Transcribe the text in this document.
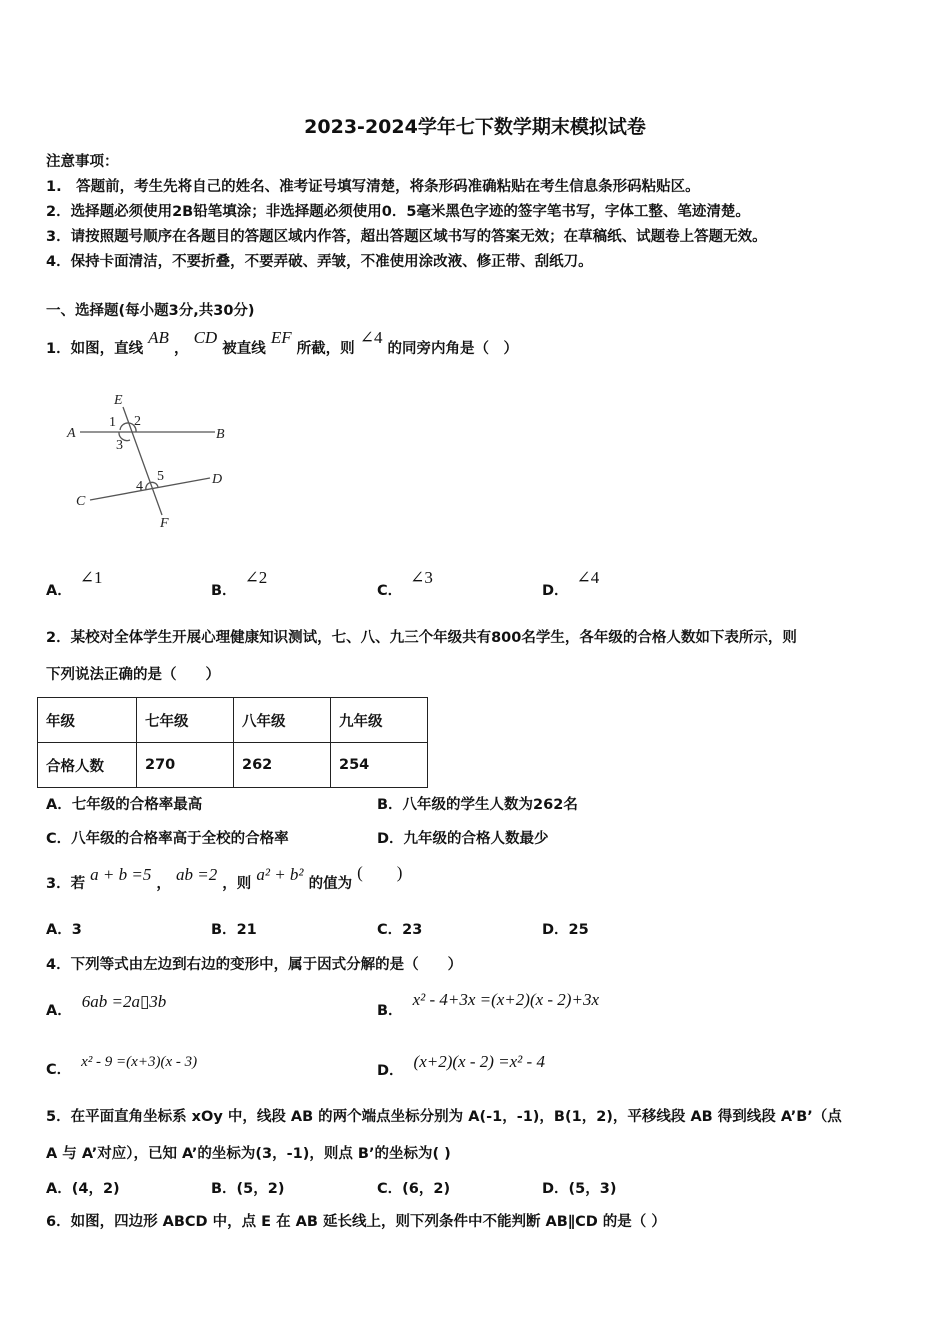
2023-2024学年七下数学期末模拟试卷
注意事项：
1.　答题前，考生先将自己的姓名、准考证号填写清楚，将条形码准确粘贴在考生信息条形码粘贴区。
2．选择题必须使用2B铅笔填涂；非选择题必须使用0．5毫米黑色字迹的签字笔书写，字体工整、笔迹清楚。
3．请按照题号顺序在各题目的答题区域内作答，超出答题区域书写的答案无效；在草稿纸、试题卷上答题无效。
4．保持卡面清洁，不要折叠，不要弄破、弄皱，不准使用涂改液、修正带、刮纸刀。
一、选择题(每小题3分,共30分)
1．如图，直线 AB ， CD 被直线 EF 所截，则 ∠4 的同旁内角是（　）
E
1 2
A	B
3
5
4	D
C
F
A．∠1
B．∠2
C．∠3
D．∠4
2．某校对全体学生开展心理健康知识测试，七、八、九三个年级共有800名学生，各年级的合格人数如下表所示，则
下列说法正确的是（　　）
年级	七年级	八年级	九年级
合格人数	270	262	254
A．七年级的合格率最高	B．八年级的学生人数为262名
C．八年级的合格率高于全校的合格率	D．九年级的合格人数最少
3．若 a + b =5 ， ab =2 ，则 a² + b² 的值为 (　　)
A．3	B．21	C．23	D．25
4．下列等式由左边到右边的变形中，属于因式分解的是（　　）
A． 6ab =2a▯3b	B．x² - 4+3x =(x+2)(x - 2)+3x
C． x² - 9 =(x+3)(x - 3)
D． (x+2)(x - 2) =x² - 4
5．在平面直角坐标系 xOy 中，线段 AB 的两个端点坐标分别为 A(-1，-1)，B(1，2)，平移线段 AB 得到线段 A’B’（点
A 与 A’对应），已知 A’的坐标为(3，-1)，则点 B’的坐标为( )
A．(4，2)	B．(5，2)	C．(6，2)	D．(5，3)
6．如图，四边形 ABCD 中，点 E 在 AB 延长线上，则下列条件中不能判断 AB∥CD 的是（ ）
